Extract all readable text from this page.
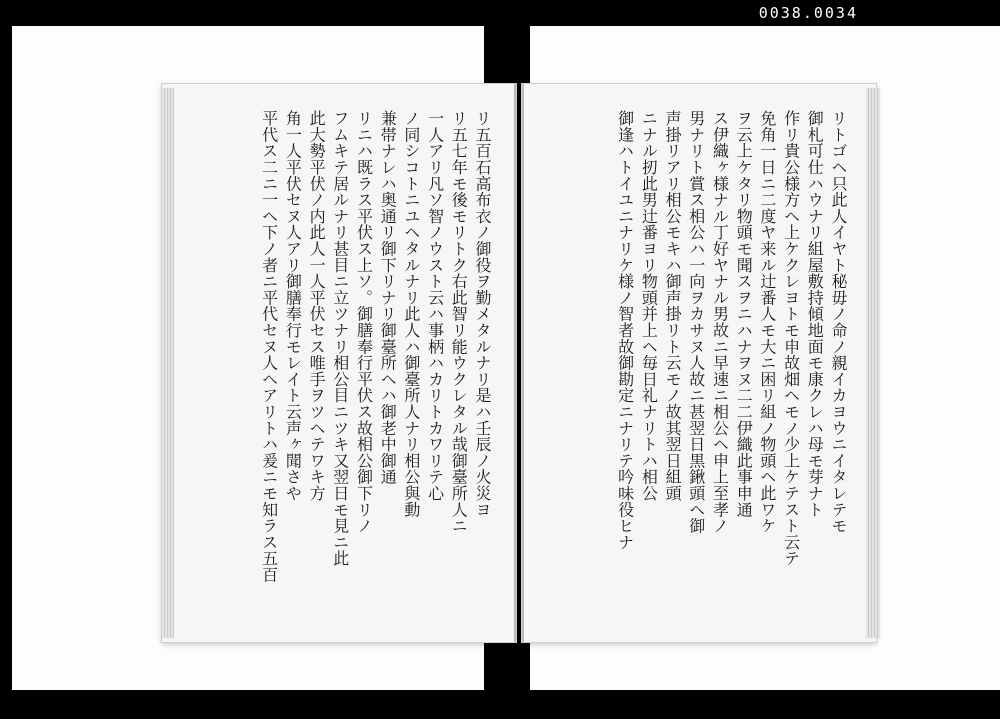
0038.0034
リ五百石高布衣ノ御役ヲ勤メタルナリ是ハ壬辰ノ火災ヨ
リ五七年モ後モリトク右此智リ能ウクレタル哉御臺所人ニ
一人アリ凡ソ智ノウスト云ハ事柄ハカリトカワリテ心
ノ同シコトニユヘタルナリ此人ハ御臺所人ナリ相公與動
兼帯ナレハ奥通リ御下リナリ御臺所ヘハ御老中御通
リニハ既ラス平伏ス上ソ。御膳奉行平伏ス故相公御下リノ
フムキテ居ルナリ甚目ニ立ツナリ相公目ニツキ又翌日モ見ニ此
此大勢平伏ノ内此人一人平伏セス唯手ヲツヘテワキ方
角一人平伏セヌ人アリ御膳奉行モレイト云声ヶ聞さや
平代ス二ニ一ヘ下ノ者ニ平代セヌ人ヘアリトハ爰ニモ知ラス五百	リトゴヘ只此人イヤト秘毋ノ命ノ親イカヨウニイタレテモ
御札可仕ハウナリ組屋敷持傾地面モ康クレハ母モ芽ナト
作リ貴公様方ヘ上ケクレヨトモ申故畑ヘモノ少上ケテスト云テ
免角一日ニ二度ヤ来ル辻番人モ大ニ困リ組ノ物頭ヘ此ワケ
ヲ云上ケタリ物頭モ聞スヲニハナヲヌ二二伊織此事申通
ス伊織ヶ様ナル丁好ヤナル男故ニ早速ニ相公ヘ申上至孝ノ
男ナリト賞ス相公ハ一向ヲカサヌ人故ニ甚翌日黒鍬頭ヘ御
声掛リアリ相公モキハ御声掛リト云モノ故其翌日組頭
ニナル扨此男辻番ヨリ物頭并上ヘ毎日礼ナリトハ相公
御逢ハトイユニナリケ様ノ智者故御勘定ニナリテ吟味役ヒナ
